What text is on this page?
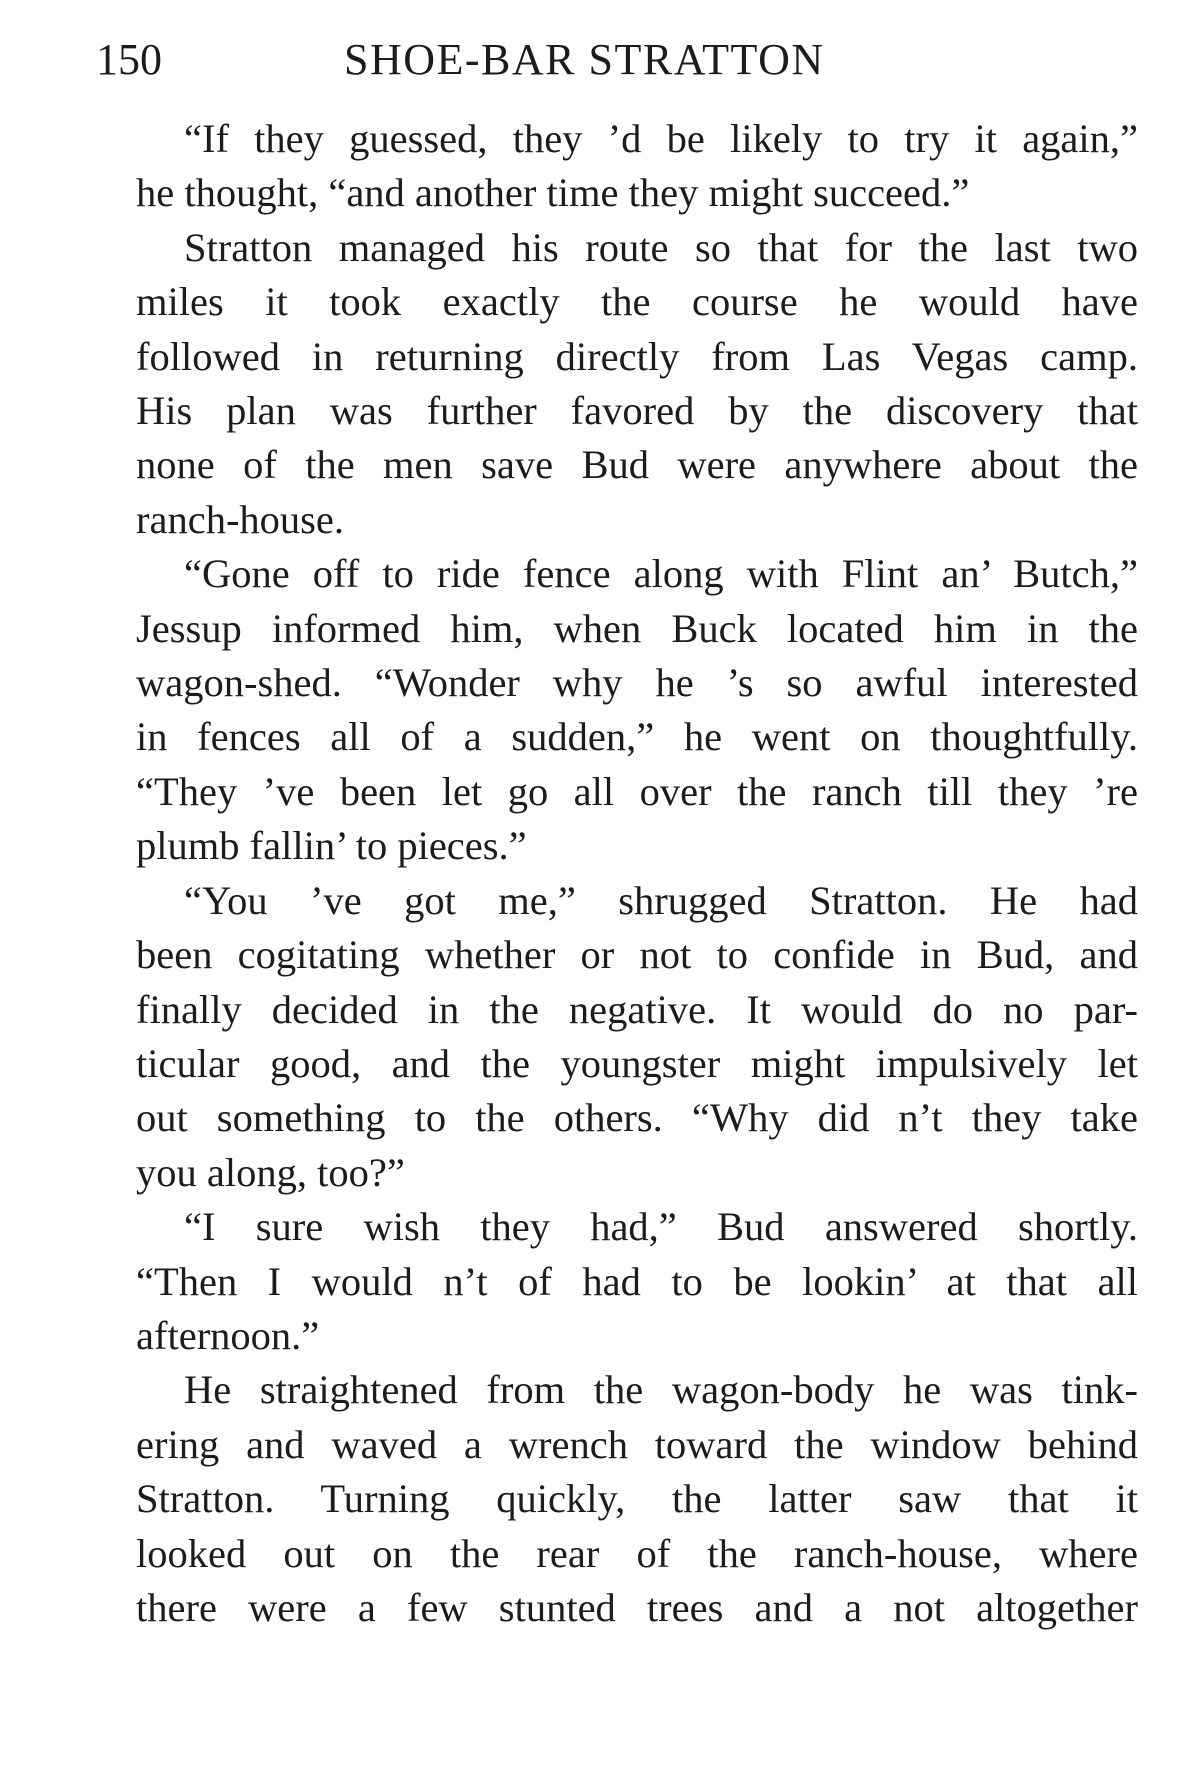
150	SHOE-BAR STRATTON

“If they guessed, they ’d be likely to try it again,”
he thought, “and another time they might succeed.”

Stratton managed his route so that for the last two
miles it took exactly the course he would have
followed in returning directly from Las Vegas camp.
His plan was further favored by the discovery that
none of the men save Bud were anywhere about the
ranch-house.

“Gone off to ride fence along with Flint an’ Butch,”
Jessup informed him, when Buck located him in the
wagon-shed. “Wonder why he ’s so awful interested
in fences all of a sudden,” he went on thoughtfully.
“They ’ve been let go all over the ranch till they ’re
plumb fallin’ to pieces.”

“You ’ve got me,” shrugged Stratton. He had
been cogitating whether or not to confide in Bud, and
finally decided in the negative. It would do no par-
ticular good, and the youngster might impulsively let
out something to the others. “Why did n’t they take
you along, too?”

“I sure wish they had,” Bud answered shortly.
“Then I would n’t of had to be lookin’ at that all
afternoon.”

He straightened from the wagon-body he was tink-
ering and waved a wrench toward the window behind
Stratton. Turning quickly, the latter saw that it
looked out on the rear of the ranch-house, where
there were a few stunted trees and a not altogether
